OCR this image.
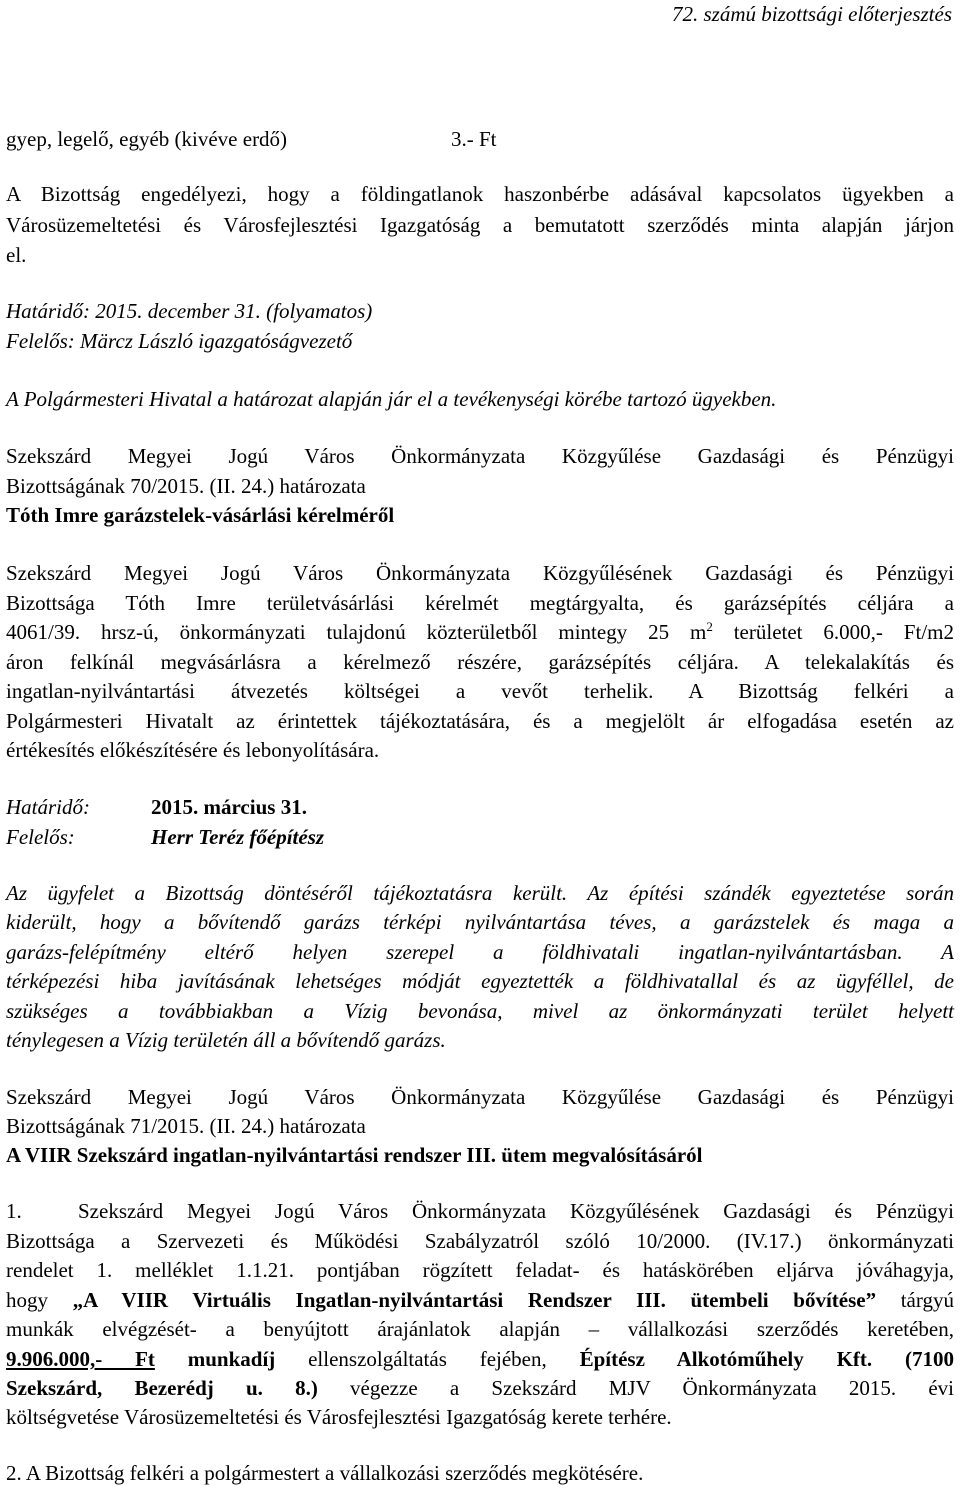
72. számú bizottsági előterjesztés
gyep, legelő, egyéb (kivéve erdő)	3.- Ft
A Bizottság engedélyezi, hogy a földingatlanok haszonbérbe adásával kapcsolatos ügyekben a
Városüzemeltetési és Városfejlesztési Igazgatóság a bemutatott szerződés minta alapján járjon
el.
Határidő: 2015. december 31. (folyamatos)
Felelős: Märcz László igazgatóságvezető
A Polgármesteri Hivatal a határozat alapján jár el a tevékenységi körébe tartozó ügyekben.
Szekszárd Megyei Jogú Város Önkormányzata Közgyűlése Gazdasági és Pénzügyi
Bizottságának 70/2015. (II. 24.) határozata
Tóth Imre garázstelek-vásárlási kérelméről
Szekszárd Megyei Jogú Város Önkormányzata Közgyűlésének Gazdasági és Pénzügyi
Bizottsága Tóth Imre területvásárlási kérelmét megtárgyalta, és garázsépítés céljára a
4061/39. hrsz-ú, önkormányzati tulajdonú közterületből mintegy 25 $m^2$ területet 6.000,- Ft/m2
áron felkínál megvásárlásra a kérelmező részére, garázsépítés céljára. A telekalakítás és
ingatlan-nyilvántartási átvezetés költségei a vevőt terhelik. A Bizottság felkéri a
Polgármesteri Hivatalt az érintettek tájékoztatására, és a megjelölt ár elfogadása esetén az
értékesítés előkészítésére és lebonyolítására.
Határidő:	2015. március 31.
Felelős:	Herr Teréz főépítész
Az ügyfelet a Bizottság döntéséről tájékoztatásra került. Az építési szándék egyeztetése során
kiderült, hogy a bővítendő garázs térképi nyilvántartása téves, a garázstelek és maga a
garázs-felépítmény eltérő helyen szerepel a földhivatali ingatlan-nyilvántartásban. A
térképezési hiba javításának lehetséges módját egyeztették a földhivatallal és az ügyféllel, de
szükséges a továbbiakban a Vízig bevonása, mivel az önkormányzati terület helyett
ténylegesen a Vízig területén áll a bővítendő garázs.
Szekszárd Megyei Jogú Város Önkormányzata Közgyűlése Gazdasági és Pénzügyi
Bizottságának 71/2015. (II. 24.) határozata
A VIIR Szekszárd ingatlan-nyilvántartási rendszer III. ütem megvalósításáról
1.	Szekszárd Megyei Jogú Város Önkormányzata Közgyűlésének Gazdasági és Pénzügyi
Bizottsága a Szervezeti és Működési Szabályzatról szóló 10/2000. (IV.17.) önkormányzati
rendelet 1. melléklet 1.1.21. pontjában rögzített feladat- és hatáskörében eljárva jóváhagyja,
hogy „A VIIR Virtuális Ingatlan-nyilvántartási Rendszer III. ütembeli bővítése” tárgyú
munkák elvégzését- a benyújtott árajánlatok alapján – vállalkozási szerződés keretében,
9.906.000,- Ft munkadíj ellenszolgáltatás fejében, Építész Alkotóműhely Kft. (7100
Szekszárd, Bezerédj u. 8.) végezze a Szekszárd MJV Önkormányzata 2015. évi
költségvetése Városüzemeltetési és Városfejlesztési Igazgatóság kerete terhére.
2. A Bizottság felkéri a polgármestert a vállalkozási szerződés megkötésére.
